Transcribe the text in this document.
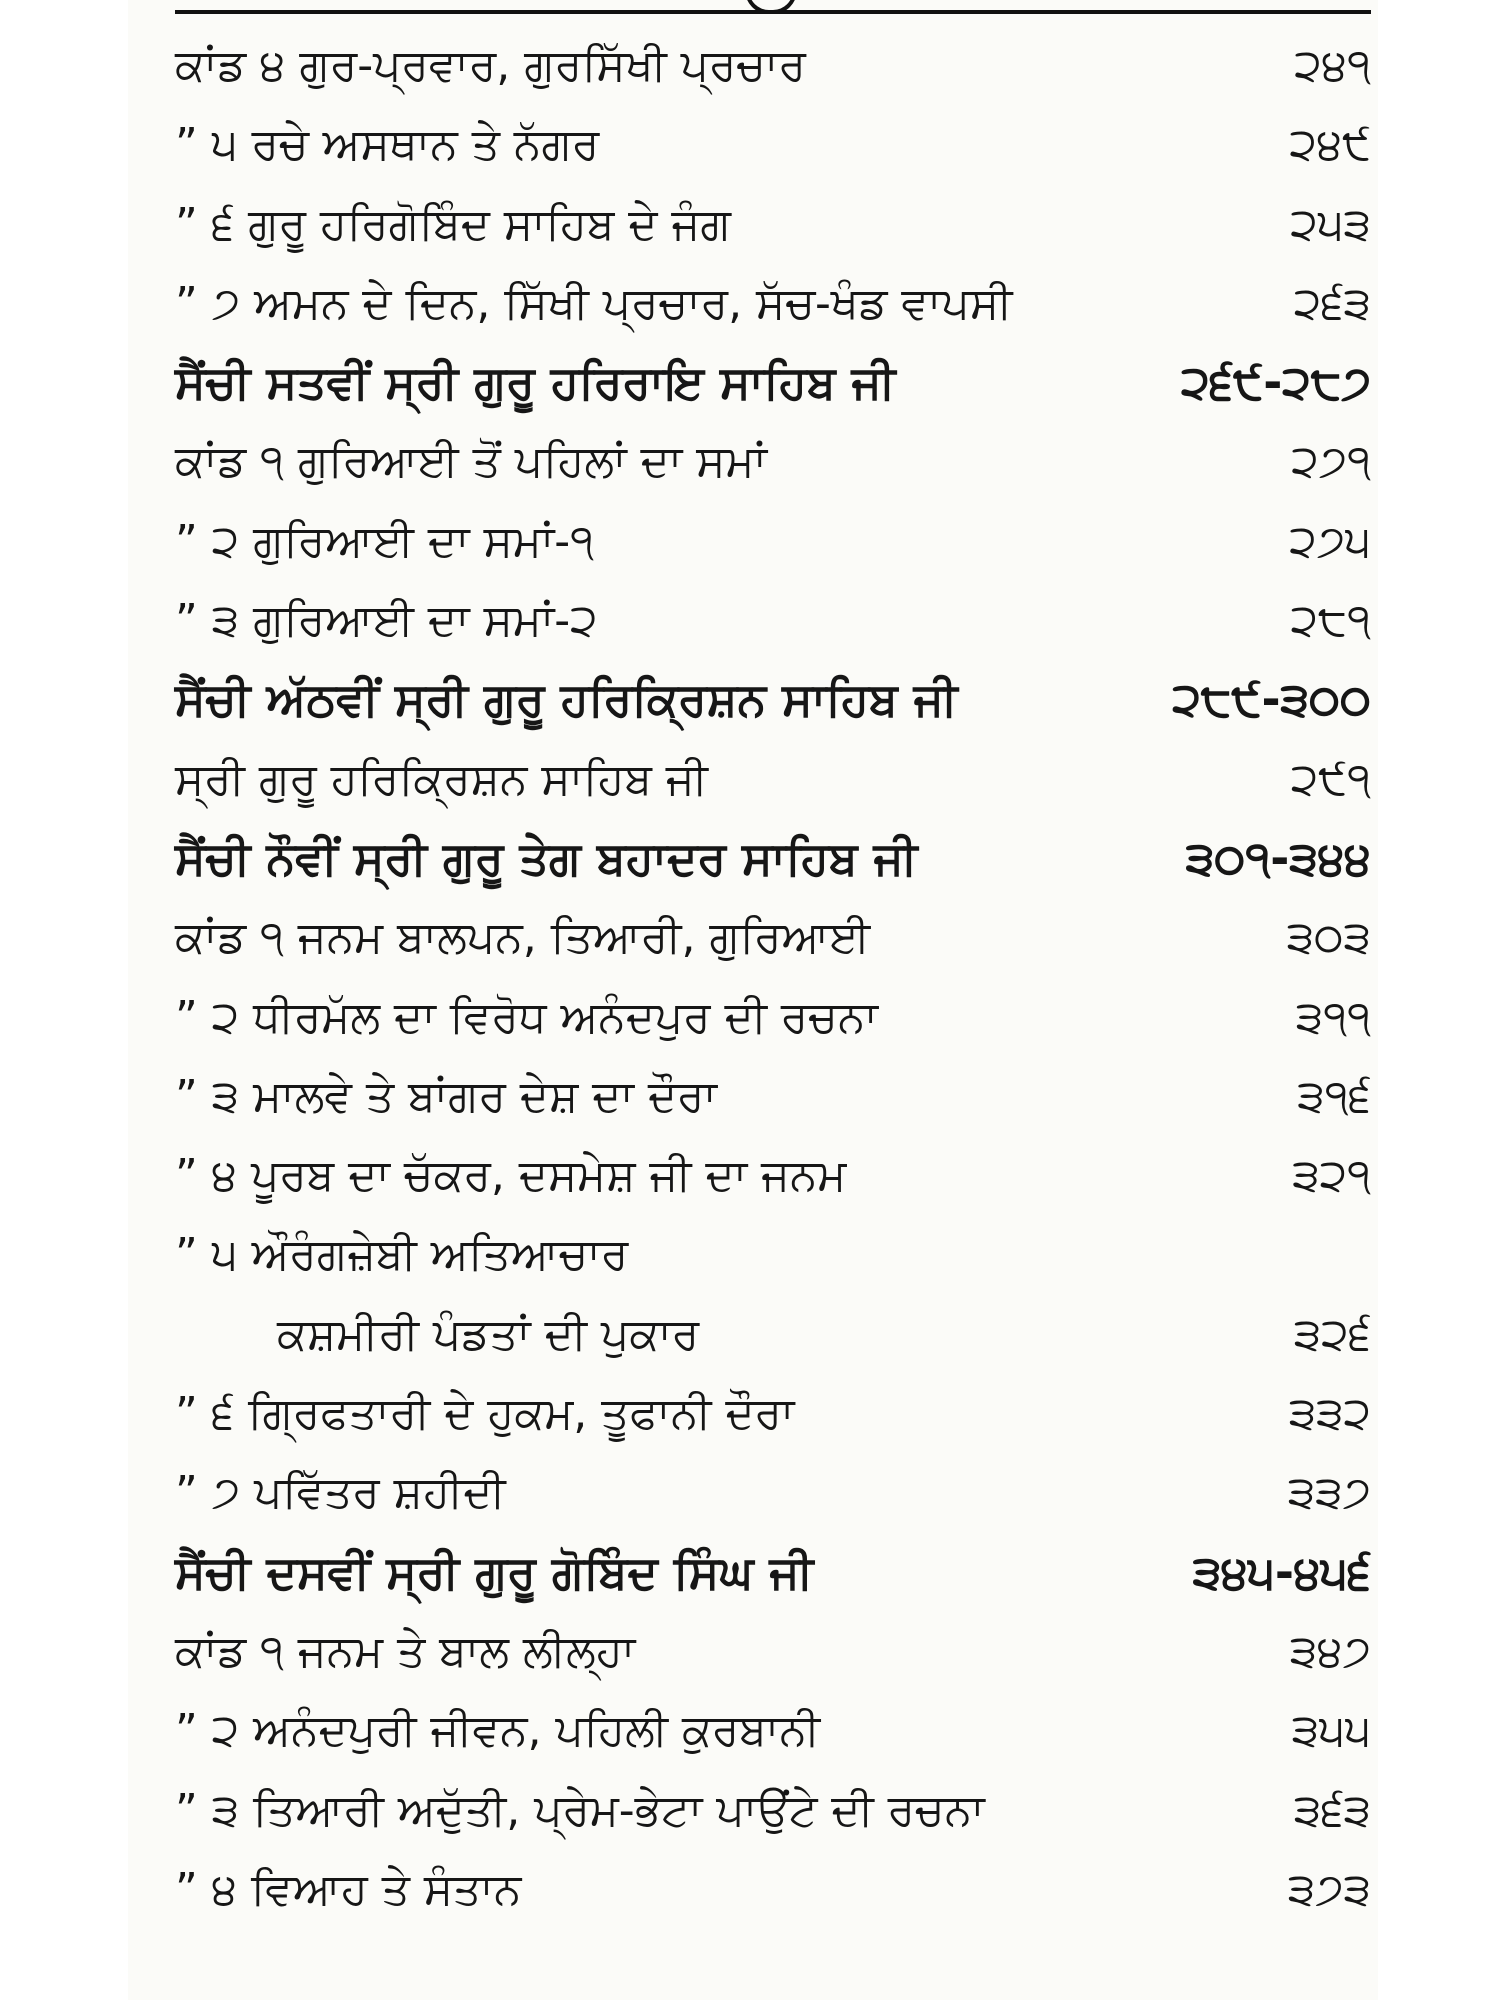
ਕਾਂਡ ੪ ਗੁਰ-ਪ੍ਰਵਾਰ, ਗੁਰਸਿੱਖੀ ਪ੍ਰਚਾਰ	੨੪੧
” ੫ ਰਚੇ ਅਸਥਾਨ ਤੇ ਨੱਗਰ	੨੪੯
” ੬ ਗੁਰੂ ਹਰਿਗੋਬਿੰਦ ਸਾਹਿਬ ਦੇ ਜੰਗ	੨੫੩
” ੭ ਅਮਨ ਦੇ ਦਿਨ, ਸਿੱਖੀ ਪ੍ਰਚਾਰ, ਸੱਚ-ਖੰਡ ਵਾਪਸੀ	੨੬੩
ਸੈਂਚੀ ਸਤਵੀਂ ਸ੍ਰੀ ਗੁਰੂ ਹਰਿਰਾਇ ਸਾਹਿਬ ਜੀ	੨੬੯-੨੮੭
ਕਾਂਡ ੧ ਗੁਰਿਆਈ ਤੋਂ ਪਹਿਲਾਂ ਦਾ ਸਮਾਂ	੨੭੧
” ੨ ਗੁਰਿਆਈ ਦਾ ਸਮਾਂ-੧	੨੭੫
” ੩ ਗੁਰਿਆਈ ਦਾ ਸਮਾਂ-੨	੨੮੧
ਸੈਂਚੀ ਅੱਠਵੀਂ ਸ੍ਰੀ ਗੁਰੂ ਹਰਿਕ੍ਰਿਸ਼ਨ ਸਾਹਿਬ ਜੀ	੨੮੯-੩੦੦
ਸ੍ਰੀ ਗੁਰੂ ਹਰਿਕ੍ਰਿਸ਼ਨ ਸਾਹਿਬ ਜੀ	੨੯੧
ਸੈਂਚੀ ਨੌਵੀਂ ਸ੍ਰੀ ਗੁਰੂ ਤੇਗ ਬਹਾਦਰ ਸਾਹਿਬ ਜੀ	੩੦੧-੩੪੪
ਕਾਂਡ ੧ ਜਨਮ ਬਾਲਪਨ, ਤਿਆਰੀ, ਗੁਰਿਆਈ	੩੦੩
” ੨ ਧੀਰਮੱਲ ਦਾ ਵਿਰੋਧ ਅਨੰਦਪੁਰ ਦੀ ਰਚਨਾ	੩੧੧
” ੩ ਮਾਲਵੇ ਤੇ ਬਾਂਗਰ ਦੇਸ਼ ਦਾ ਦੌਰਾ	੩੧੬
” ੪ ਪੂਰਬ ਦਾ ਚੱਕਰ, ਦਸਮੇਸ਼ ਜੀ ਦਾ ਜਨਮ	੩੨੧
” ੫ ਔਰੰਗਜ਼ੇਬੀ ਅਤਿਆਚਾਰ
ਕਸ਼ਮੀਰੀ ਪੰਡਤਾਂ ਦੀ ਪੁਕਾਰ	੩੨੬
” ੬ ਗ੍ਰਿਫਤਾਰੀ ਦੇ ਹੁਕਮ, ਤੂਫਾਨੀ ਦੌਰਾ	੩੩੨
” ੭ ਪਵਿੱਤਰ ਸ਼ਹੀਦੀ	੩੩੭
ਸੈਂਚੀ ਦਸਵੀਂ ਸ੍ਰੀ ਗੁਰੂ ਗੋਬਿੰਦ ਸਿੰਘ ਜੀ	੩੪੫-੪੫੬
ਕਾਂਡ ੧ ਜਨਮ ਤੇ ਬਾਲ ਲੀਲ੍ਹਾ	੩੪੭
” ੨ ਅਨੰਦਪੁਰੀ ਜੀਵਨ, ਪਹਿਲੀ ਕੁਰਬਾਨੀ	੩੫੫
” ੩ ਤਿਆਰੀ ਅਦੁੱਤੀ, ਪ੍ਰੇਮ-ਭੇਟਾ ਪਾਉਂਟੇ ਦੀ ਰਚਨਾ	੩੬੩
” ੪ ਵਿਆਹ ਤੇ ਸੰਤਾਨ	੩੭੩
